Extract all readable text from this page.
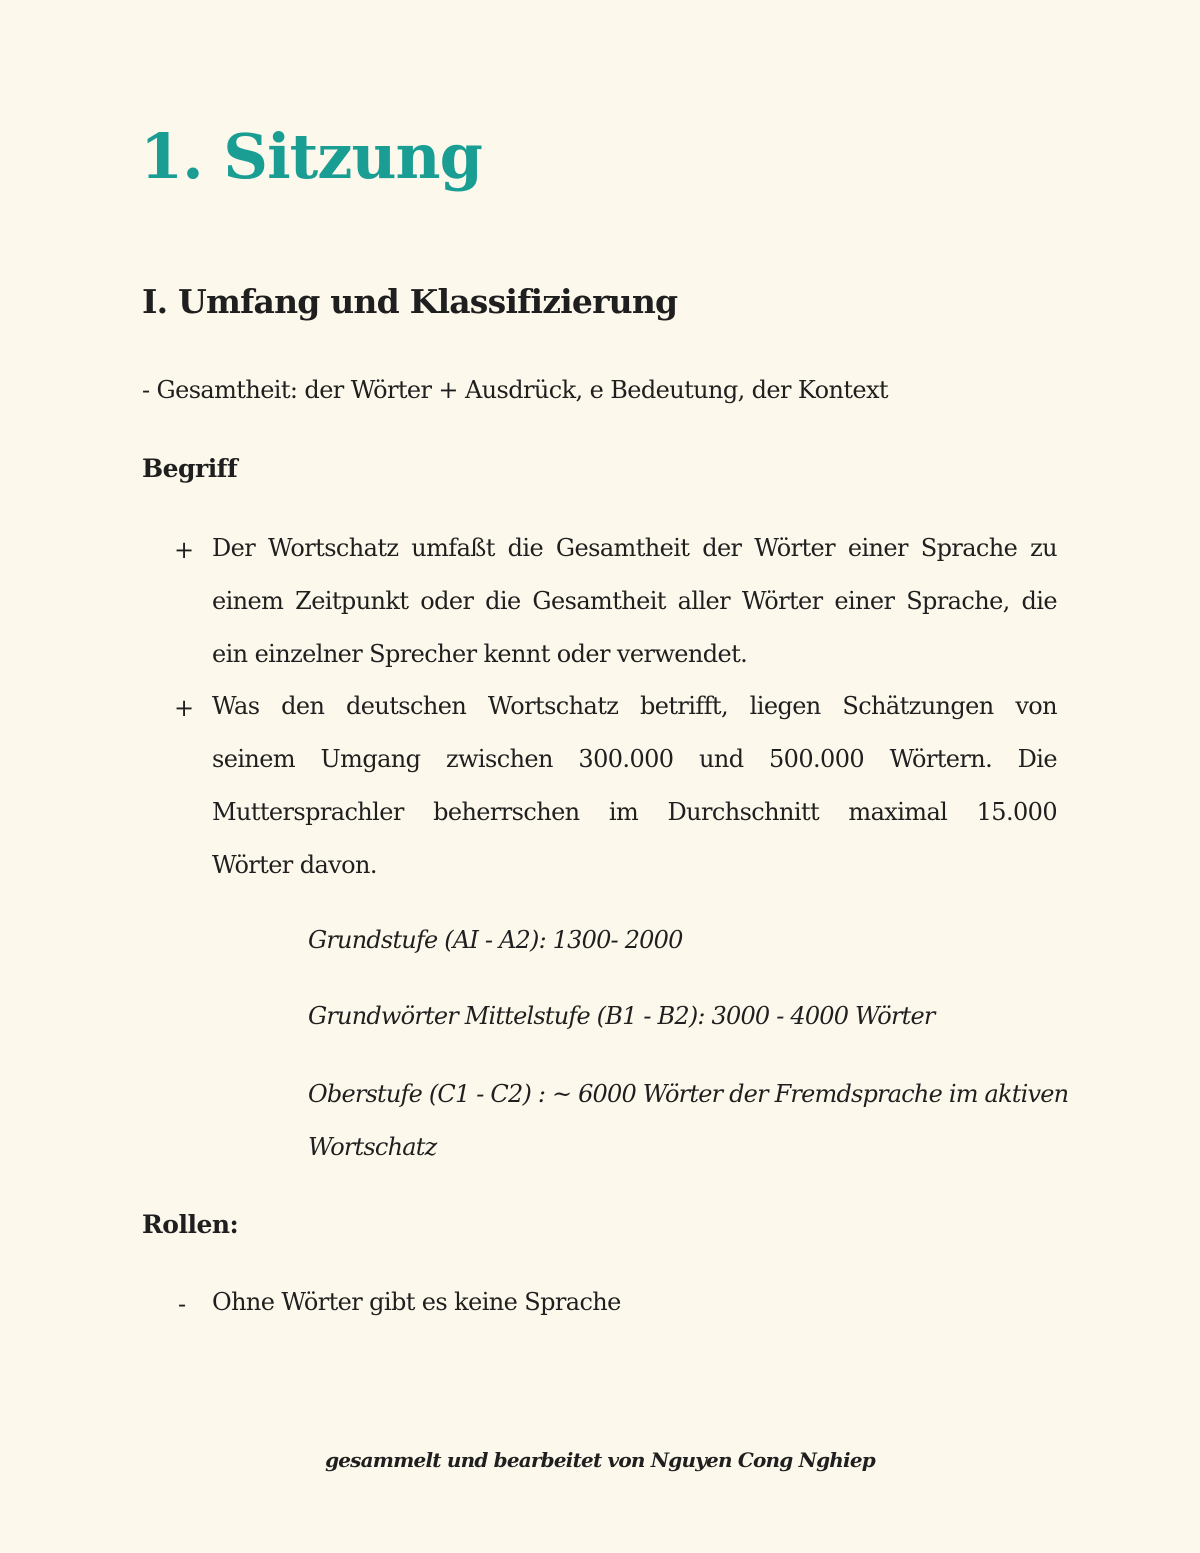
1. Sitzung
I. Umfang und Klassifizierung

- Gesamtheit: der Wörter + Ausdrück, e Bedeutung, der Kontext

Begriff

+ Der Wortschatz umfaßt die Gesamtheit der Wörter einer Sprache zu
einem Zeitpunkt oder die Gesamtheit aller Wörter einer Sprache, die
ein einzelner Sprecher kennt oder verwendet.
+ Was den deutschen Wortschatz betrifft, liegen Schätzungen von
seinem Umgang zwischen 300.000 und 500.000 Wörtern. Die
Muttersprachler beherrschen im Durchschnitt maximal 15.000
Wörter davon.

Grundstufe (AI - A2): 1300- 2000

Grundwörter Mittelstufe (B1 - B2): 3000 - 4000 Wörter

Oberstufe (C1 - C2) : ~ 6000 Wörter der Fremdsprache im aktiven
Wortschatz

Rollen:

- Ohne Wörter gibt es keine Sprache

gesammelt und bearbeitet von Nguyen Cong Nghiep
